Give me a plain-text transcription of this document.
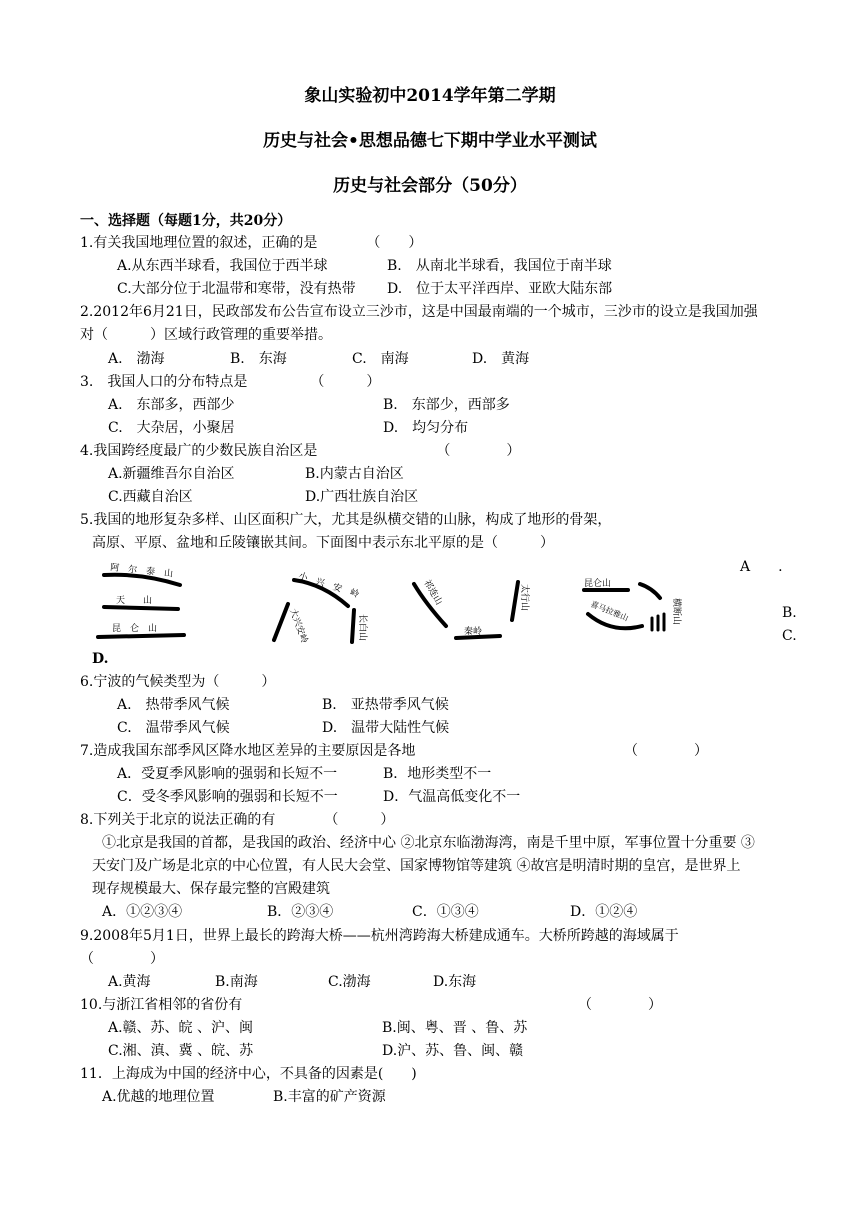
象山实验初中2014学年第二学期
历史与社会•思想品德七下期中学业水平测试
历史与社会部分（50分）
一、选择题（每题1分，共20分）
1.有关我国地理位置的叙述，正确的是　　　　（　　）
A.从东西半球看，我国位于西半球	B.　从南北半球看，我国位于南半球
C.大部分位于北温带和寒带，没有热带 D.　位于太平洋西岸、亚欧大陆东部
2.2012年6月21日，民政部发布公告宣布设立三沙市，这是中国最南端的一个城市，三沙市的设立是我国加强
对（　　　）区域行政管理的重要举措。
A.　渤海	B.　东海	C.　南海	D.　黄海
3.　我国人口的分布特点是　　　　　（　　　）
A.　东部多，西部少	B.　东部少，西部多
C.　大杂居，小聚居	D.　均匀分布
4.我国跨经度最广的少数民族自治区是　　　　　　　　　（　　　　）
A.新疆维吾尔自治区	B.内蒙古自治区
C.西藏自治区	D.广西壮族自治区
5.我国的地形复杂多样、山区面积广大，尤其是纵横交错的山脉，构成了地形的骨架，
高原、平原、盆地和丘陵镶嵌其间。下面图中表示东北平原的是（　　　）
A　　.
B.
C.
D.
阿　尔　泰　山
天　　山
昆　仑　山
小　兴　安　岭
大兴安岭	长白山
祁连山	太行山
秦岭
昆仑山
喜马拉雅山	横断山
6.宁波的气候类型为（　　　）
A.　热带季风气候	B.　亚热带季风气候
C.　温带季风气候	D.　温带大陆性气候
7.造成我国东部季风区降水地区差异的主要原因是各地	（　　　　）
A．受夏季风影响的强弱和长短不一	B．地形类型不一
C．受冬季风影响的强弱和长短不一	D．气温高低变化不一
8.下列关于北京的说法正确的有　　　　（　　　）
①北京是我国的首都，是我国的政治、经济中心 ②北京东临渤海湾，南是千里中原，军事位置十分重要 ③
天安门及广场是北京的中心位置，有人民大会堂、国家博物馆等建筑 ④故宫是明清时期的皇宫，是世界上
现存规模最大、保存最完整的宫殿建筑
A．①②③④	B．②③④	C．①③④	D．①②④
9.2008年5月1日，世界上最长的跨海大桥——杭州湾跨海大桥建成通车。大桥所跨越的海域属于
（　　　　）
A.黄海	B.南海	C.渤海	D.东海
10.与浙江省相邻的省份有	（　　　　）
A.赣、苏、皖 、沪、闽	B.闽、粤、晋 、鲁、苏
C.湘、滇、冀 、皖、苏	D.沪、苏、鲁、闽、赣
11．上海成为中国的经济中心，不具备的因素是(　　)
A.优越的地理位置	B.丰富的矿产资源
